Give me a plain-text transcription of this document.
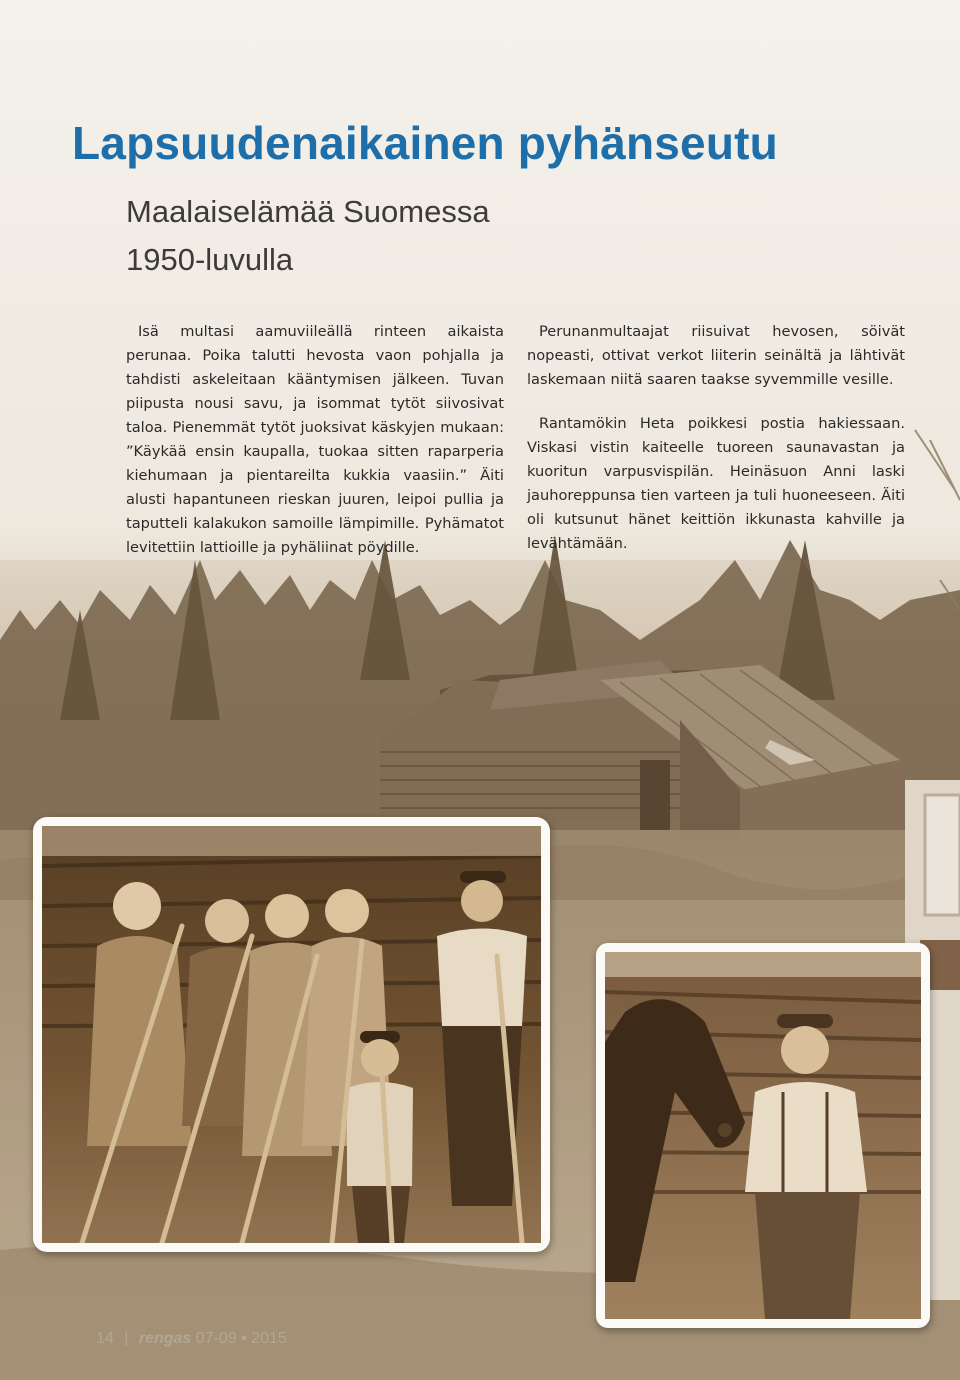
Lapsuudenaikainen pyhänseutu
Maalaiselämää Suomessa
1950-luvulla

Isä multasi aamuviileällä rinteen aikaista perunaa. Poika talutti hevosta vaon pohjalla ja tahdisti askeleitaan kääntymisen jälkeen. Tuvan piipusta nousi savu, ja isommat tytöt siivosivat taloa. Pienemmät tytöt juoksivat käskyjen mukaan: ”Käykää ensin kaupalla, tuokaa sitten raparperia kiehumaan ja pientareilta kukkia vaasiin.” Äiti alusti hapantuneen rieskan juuren, leipoi pullia ja taputteli kalakukon samoille lämpimille. Pyhämatot levitettiin lattioille ja pyhäliinat pöydille.

Perunanmultaajat riisuivat hevosen, söivät nopeasti, ottivat verkot liiterin seinältä ja lähtivät laskemaan niitä saaren taakse syvemmille vesille.

Rantamökin Heta poikkesi postia hakiessaan. Viskasi vistin kaiteelle tuoreen saunavastan ja kuoritun varpusvispilän. Heinäsuon Anni laski jauhoreppunsa tien varteen ja tuli huoneeseen. Äiti oli kutsunut hänet keittiön ikkunasta kahville ja levähtämään.

14 | rengas 07-09 • 2015
